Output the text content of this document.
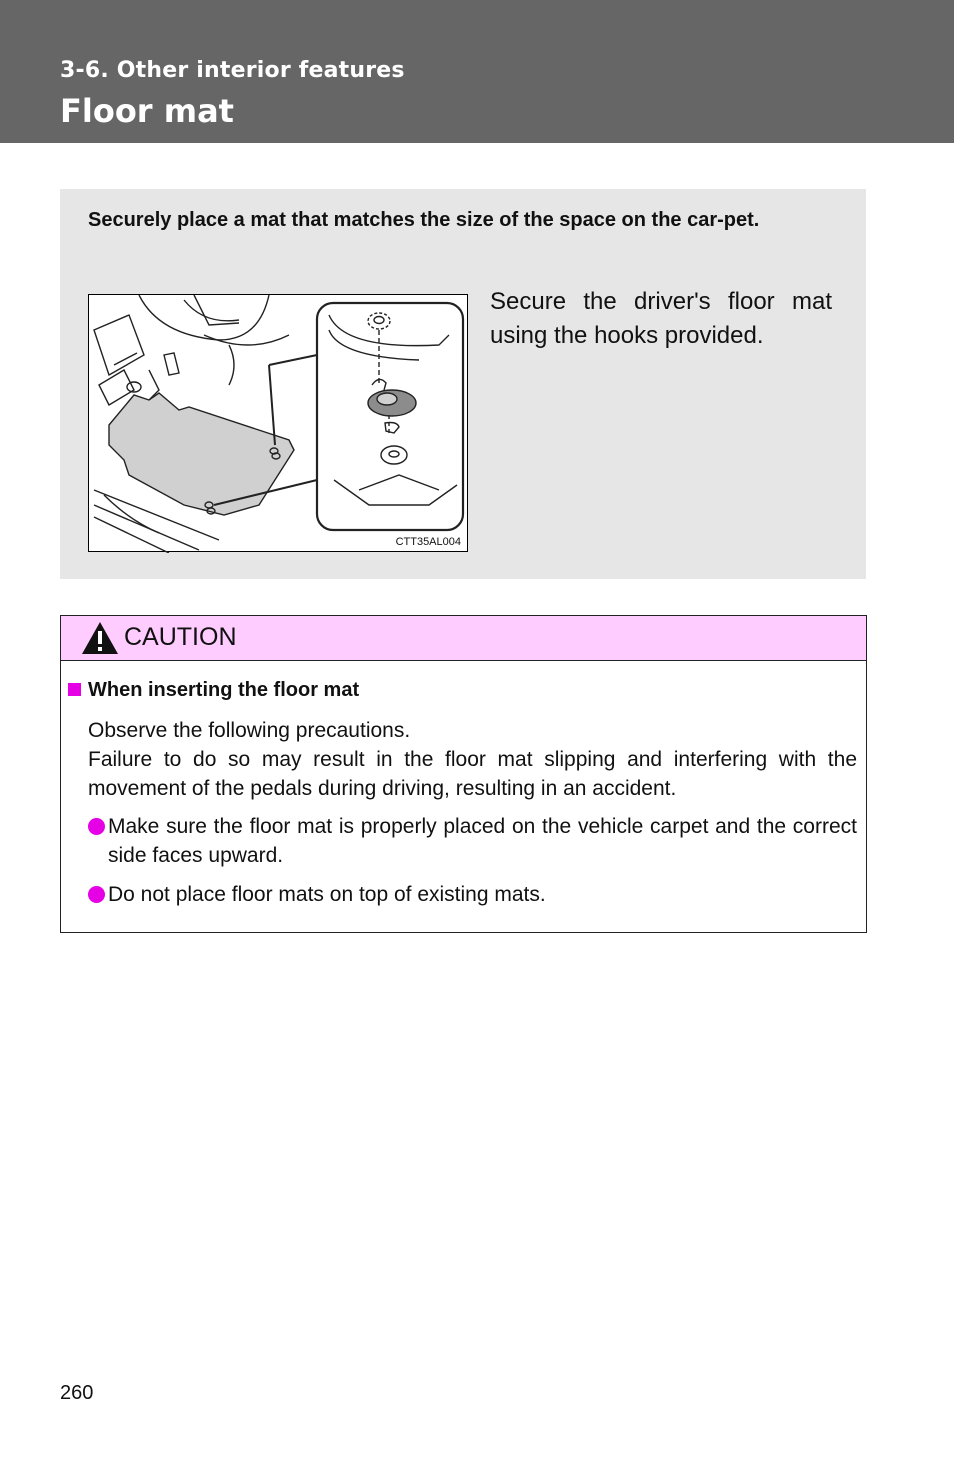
3-6. Other interior features
Floor mat
Securely place a mat that matches the size of the space on the car-pet.
CTT35AL004
Secure the driver's floor mat using the hooks provided.
CAUTION
When inserting the floor mat
Observe the following precautions.
Failure to do so may result in the floor mat slipping and interfering with the movement of the pedals during driving, resulting in an accident.
Make sure the floor mat is properly placed on the vehicle carpet and the correct side faces upward.
Do not place floor mats on top of existing mats.
260
